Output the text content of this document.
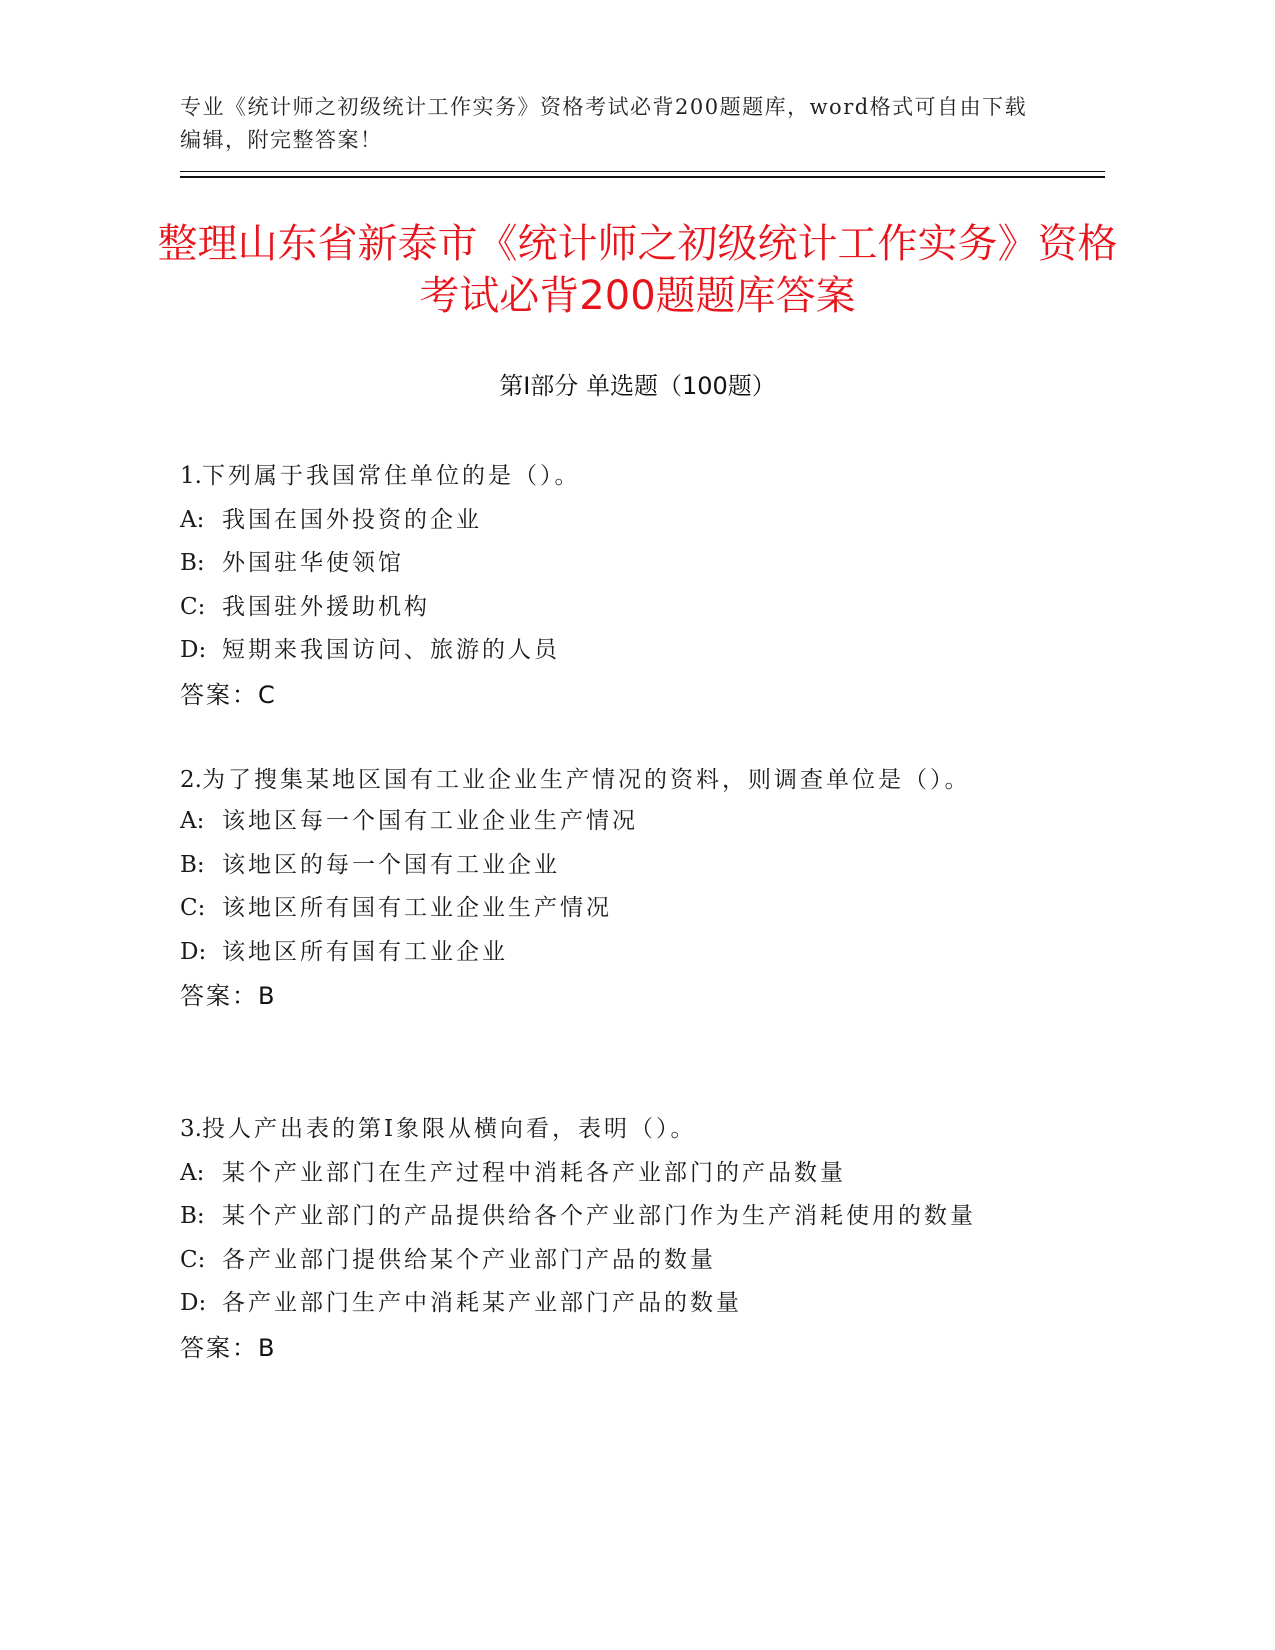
专业《统计师之初级统计工作实务》资格考试必背200题题库，word格式可自由下载编辑，附完整答案！

整理山东省新泰市《统计师之初级统计工作实务》资格考试必背200题题库答案
第Ⅰ部分 单选题（100题）

1.下列属于我国常住单位的是（）。

A: 我国在国外投资的企业

B: 外国驻华使领馆

C: 我国驻外援助机构

D: 短期来我国访问、旅游的人员

答案：C

2.为了搜集某地区国有工业企业生产情况的资料，则调查单位是（）。

A: 该地区每一个国有工业企业生产情况

B: 该地区的每一个国有工业企业

C: 该地区所有国有工业企业生产情况

D: 该地区所有国有工业企业

答案：B

3.投人产出表的第Ⅰ象限从横向看，表明（）。

A: 某个产业部门在生产过程中消耗各产业部门的产品数量

B: 某个产业部门的产品提供给各个产业部门作为生产消耗使用的数量

C: 各产业部门提供给某个产业部门产品的数量

D: 各产业部门生产中消耗某产业部门产品的数量

答案：B
